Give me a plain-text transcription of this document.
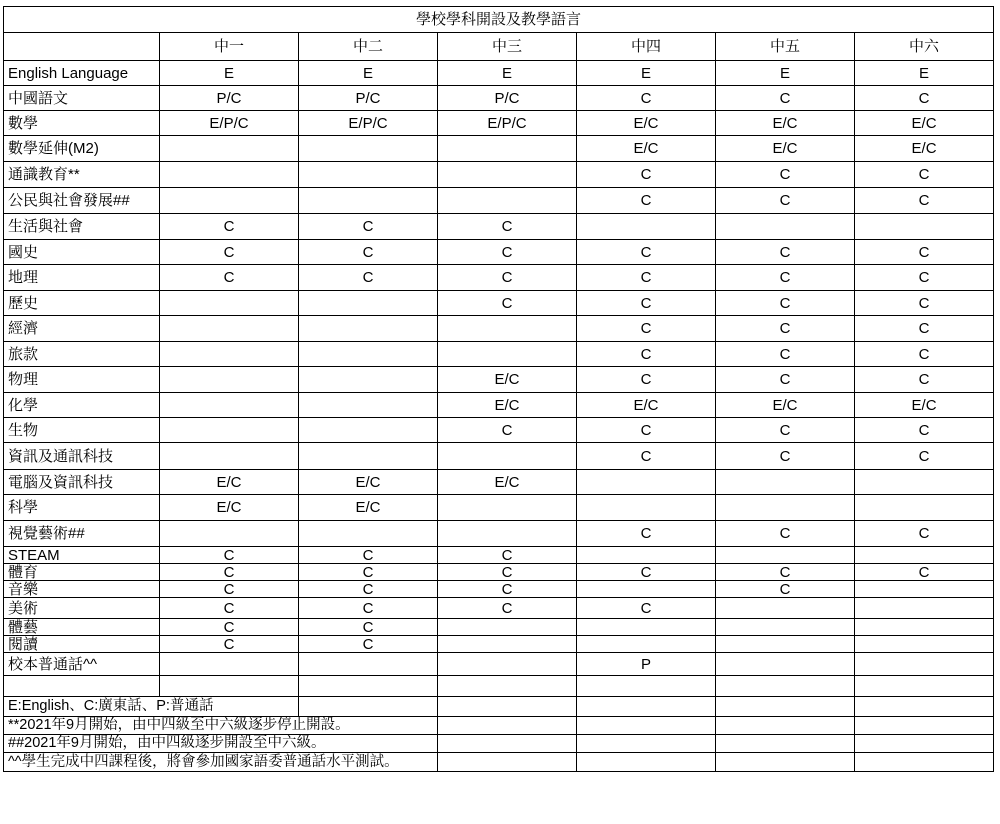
學校學科開設及教學語言						
	中一	中二	中三	中四	中五	中六
English Language	E	E	E	E	E	E
中國語文	P/C	P/C	P/C	C	C	C
數學	E/P/C	E/P/C	E/P/C	E/C	E/C	E/C
數學延伸(M2)				E/C	E/C	E/C
通識教育**				C	C	C
公民與社會發展##				C	C	C
生活與社會	C	C	C			
國史	C	C	C	C	C	C
地理	C	C	C	C	C	C
歷史			C	C	C	C
經濟				C	C	C
旅款				C	C	C
物理			E/C	C	C	C
化學			E/C	E/C	E/C	E/C
生物			C	C	C	C
資訊及通訊科技				C	C	C
電腦及資訊科技	E/C	E/C	E/C			
科學	E/C	E/C				
視覺藝術##				C	C	C
STEAM	C	C	C			
體育	C	C	C	C	C	C
音樂	C	C	C		C	
美術	C	C	C	C		
體藝	C	C				
閱讀	C	C				
校本普通話^^				P		

E:English、C:廣東話、P:普通話						
**2021年9月開始，由中四級至中六級逐步停止開設。						
##2021年9月開始，由中四級逐步開設至中六級。						
^^學生完成中四課程後，將會參加國家語委普通話水平測試。						
